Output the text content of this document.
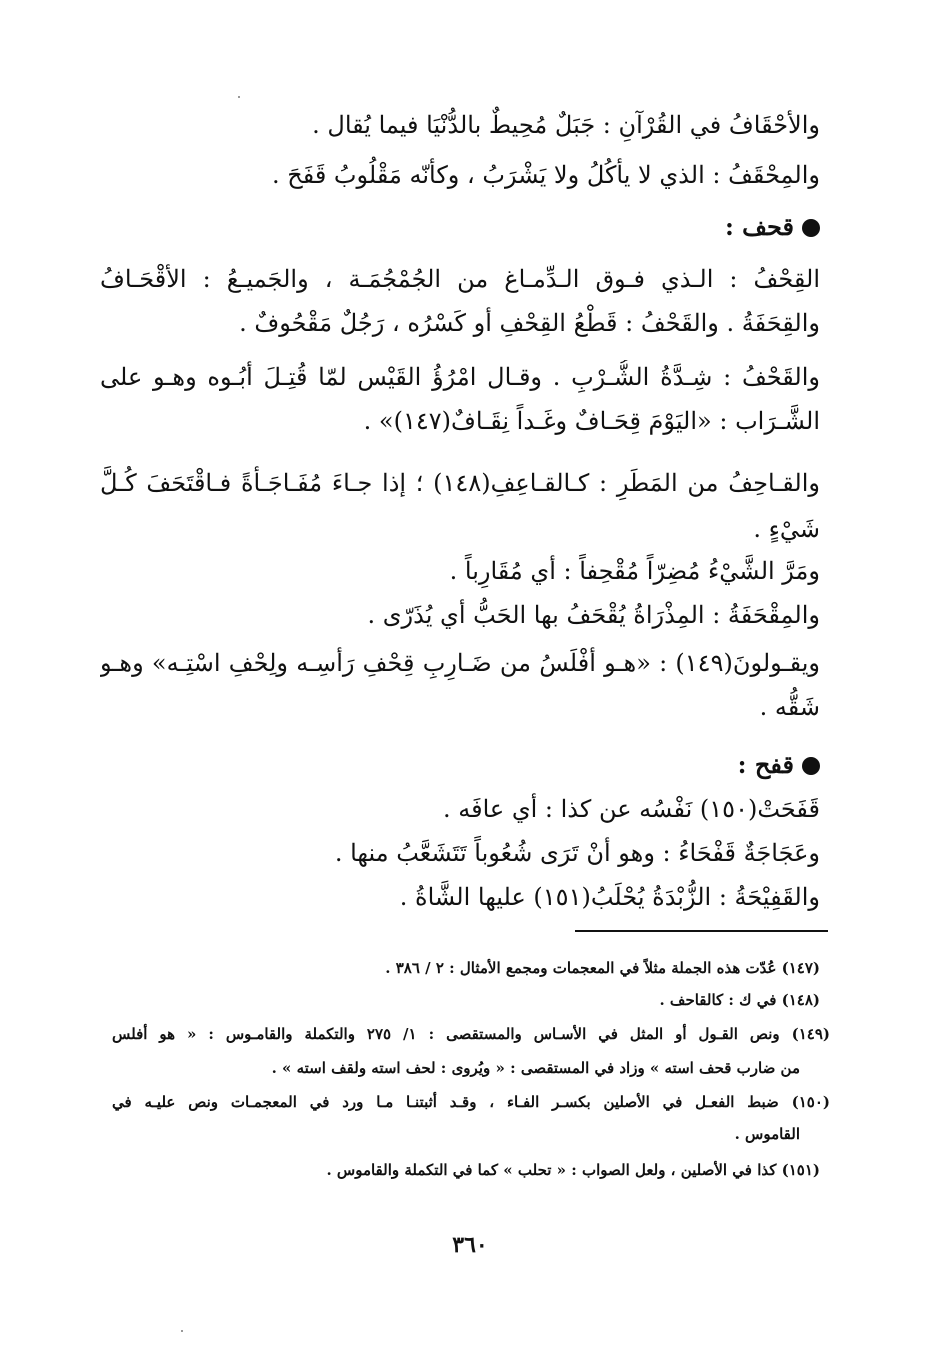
والأحْقَافُ في القُرْآنِ : جَبَلٌ مُحِيطٌ بالدُّنْيَا فيما يُقال .
والمِحْقَفُ : الذي لا يأكُلُ ولا يَشْرَبُ ، وكأنّه مَقْلُوبُ قَفَحَ .
قحف :
القِحْفُ : الـذي فـوق الـدِّمـاغ من الجُمْجُمَـة ، والجَميـعُ : الأقْحَـافُ
والقِحَفَةُ . والقَحْفُ : قَطْعُ القِحْفِ أو كَسْرُه ، رَجُلٌ مَقْحُوفٌ .
والقَحْفُ : شِـدَّةُ الشُّـرْبِ . وقـال امْرُؤُ القَيْس لمّا قُتِـلَ أبُـوه وهـو على
الشَّـرَاب : «اليَوْمَ قِحَـافٌ وغَـداً نِقَـافٌ(١٤٧)» .
والقـاحِفُ من المَطَرِ : كـالقـاعِفِ(١٤٨) ؛ إذا جـاءَ مُفَـاجَـأَةً فـاقْتَحَفَ كُـلَّ
شَيْءٍ .
ومَرَّ الشَّيْءُ مُضِرّاً مُقْحِفاً : أي مُقَارِباً .
والمِقْحَفَةُ : المِذْرَاةُ يُقْحَفُ بها الحَبُّ أي يُذَرّى .
ويقـولونَ(١٤٩) : «هـو أفْلَسُ من ضَـارِبِ قِحْفِ رَأْسِـه ولِحْفِ اسْتِـه» وهـو
شَقُّه .
قفح :
قَفَحَتْ(١٥٠) نَفْسُه عن كذا : أي عافَه .
وعَجَاجَةٌ قَفْحَاءُ : وهو أنْ تَرَى شُعُوباً تَتَشَعَّبُ منها .
والقَفِيْحَةُ : الزُّبْدَةُ يُحْلَبُ(١٥١) عليها الشَّاةُ .
(١٤٧) عُدّت هذه الجملة مثلاً في المعجمات ومجمع الأمثال : ٢ / ٣٨٦ .
(١٤٨) في ك : كالقاحف .
(١٤٩) ونص القـول أو المثل في الأسـاس والمستقصى : ١/ ٢٧٥ والتكملة والقامـوس : « هو أفلس
من ضارب قحف استه » وزاد في المستقصى : « ويُروى : لحف استه ولقف استه » .
(١٥٠) ضبط الفعـل في الأصلين بكسـر الفـاء ، وقـد أثبتنـا مـا ورد في المعجمـات ونص عليـه في
القاموس .
(١٥١) كذا في الأصلين ، ولعل الصواب : « تحلب » كما في التكملة والقاموس .
٣٦٠
